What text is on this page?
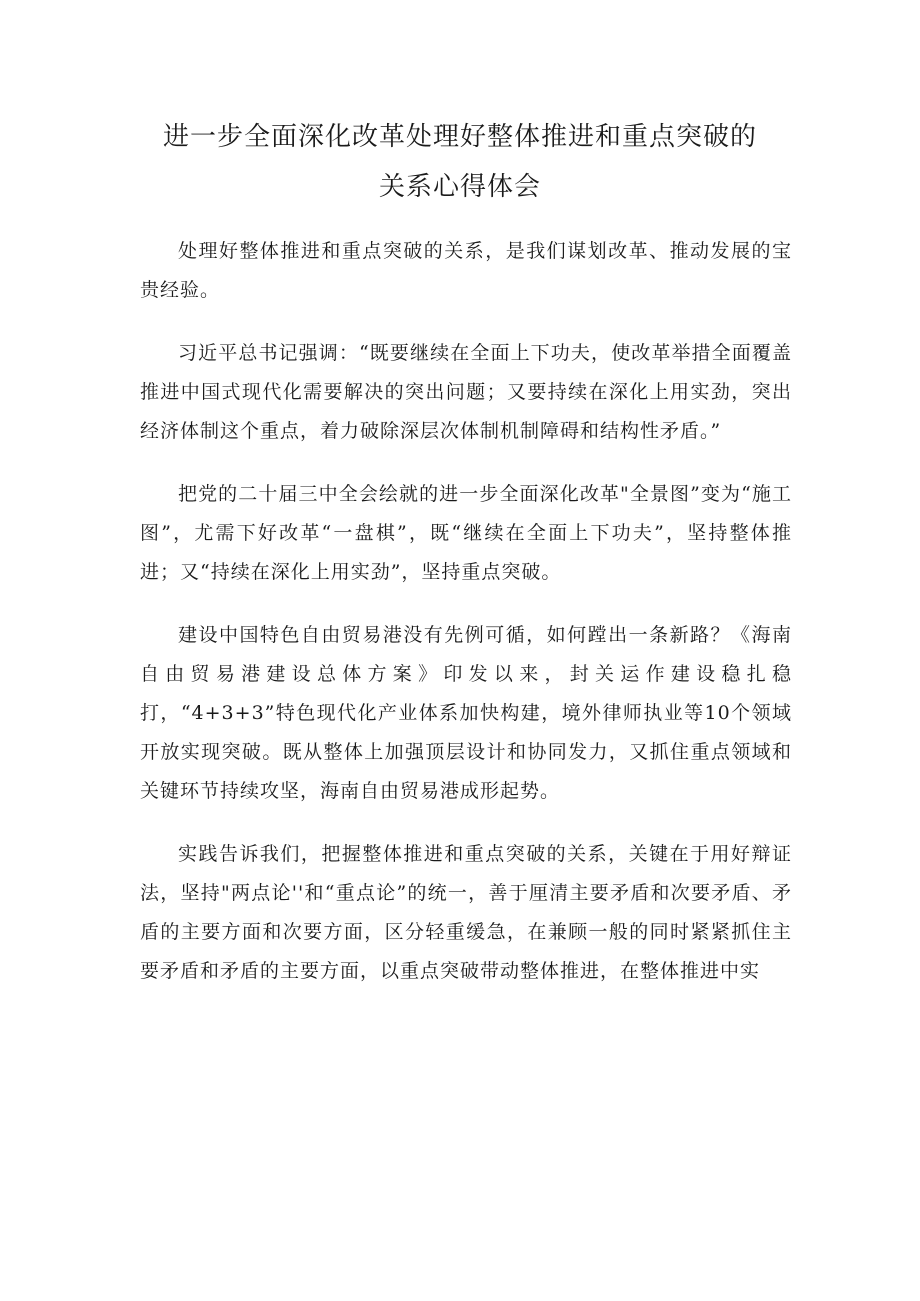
进一步全面深化改革处理好整体推进和重点突破的
关系心得体会

处理好整体推进和重点突破的关系，是我们谋划改革、推动发展的宝贵经验。

习近平总书记强调：“既要继续在全面上下功夫，使改革举措全面覆盖推进中国式现代化需要解决的突出问题；又要持续在深化上用实劲，突出经济体制这个重点，着力破除深层次体制机制障碍和结构性矛盾。”

把党的二十届三中全会绘就的进一步全面深化改革"全景图”变为“施工图”，尤需下好改革“一盘棋”，既“继续在全面上下功夫”，坚持整体推进；又“持续在深化上用实劲”，坚持重点突破。

建设中国特色自由贸易港没有先例可循，如何蹚出一条新路？《海南自由贸易港建设总体方案》印发以来，封关运作建设稳扎稳打，“4+3+3”特色现代化产业体系加快构建，境外律师执业等10个领域开放实现突破。既从整体上加强顶层设计和协同发力，又抓住重点领域和关键环节持续攻坚，海南自由贸易港成形起势。

实践告诉我们，把握整体推进和重点突破的关系，关键在于用好辩证法，坚持"两点论''和“重点论”的统一，善于厘清主要矛盾和次要矛盾、矛盾的主要方面和次要方面，区分轻重缓急，在兼顾一般的同时紧紧抓住主要矛盾和矛盾的主要方面，以重点突破带动整体推进，在整体推进中实
